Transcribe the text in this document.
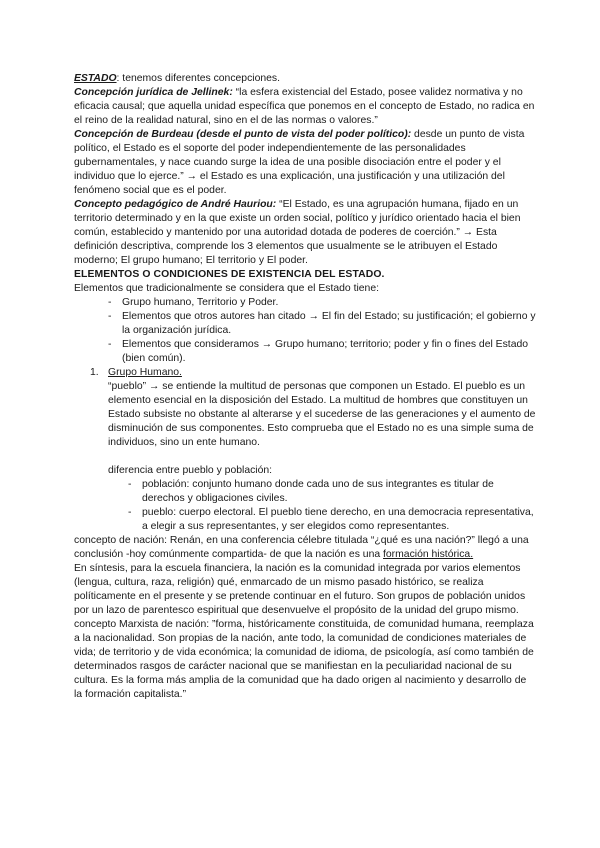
ESTADO: tenemos diferentes concepciones.

Concepción jurídica de Jellinek: “la esfera existencial del Estado, posee validez normativa y no eficacia causal; que aquella unidad específica que ponemos en el concepto de Estado, no radica en el reino de la realidad natural, sino en el de las normas o valores.”

Concepción de Burdeau (desde el punto de vista del poder político): desde un punto de vista político, el Estado es el soporte del poder independientemente de las personalidades gubernamentales, y nace cuando surge la idea de una posible disociación entre el poder y el individuo que lo ejerce.” → el Estado es una explicación, una justificación y una utilización del fenómeno social que es el poder.

Concepto pedagógico de André Hauriou: “El Estado, es una agrupación humana, fijado en un territorio determinado y en la que existe un orden social, político y jurídico orientado hacia el bien común, establecido y mantenido por una autoridad dotada de poderes de coerción.” → Esta definición descriptiva, comprende los 3 elementos que usualmente se le atribuyen el Estado moderno; El grupo humano; El territorio y El poder.

ELEMENTOS O CONDICIONES DE EXISTENCIA DEL ESTADO.

Elementos que tradicionalmente se considera que el Estado tiene:

- Grupo humano, Territorio y Poder.
- Elementos que otros autores han citado → El fin del Estado; su justificación; el gobierno y la organización jurídica.
- Elementos que consideramos → Grupo humano; territorio; poder y fin o fines del Estado (bien común).
1. Grupo Humano.

“pueblo” → se entiende la multitud de personas que componen un Estado. El pueblo es un elemento esencial en la disposición del Estado. La multitud de hombres que constituyen un Estado subsiste no obstante al alterarse y el sucederse de las generaciones y el aumento de disminución de sus componentes. Esto comprueba que el Estado no es una simple suma de individuos, sino un ente humano.

diferencia entre pueblo y población:

- población: conjunto humano donde cada uno de sus integrantes es titular de derechos y obligaciones civiles.
- pueblo: cuerpo electoral. El pueblo tiene derecho, en una democracia representativa, a elegir a sus representantes, y ser elegidos como representantes.

concepto de nación: Renán, en una conferencia célebre titulada “¿qué es una nación?” llegó a una conclusión -hoy comúnmente compartida- de que la nación es una formación histórica.

En síntesis, para la escuela financiera, la nación es la comunidad integrada por varios elementos (lengua, cultura, raza, religión) qué, enmarcado de un mismo pasado histórico, se realiza políticamente en el presente y se pretende continuar en el futuro. Son grupos de población unidos por un lazo de parentesco espiritual que desenvuelve el propósito de la unidad del grupo mismo.

concepto Marxista de nación: ”forma, históricamente constituida, de comunidad humana, reemplaza a la nacionalidad. Son propias de la nación, ante todo, la comunidad de condiciones materiales de vida; de territorio y de vida económica; la comunidad de idioma, de psicología, así como también de determinados rasgos de carácter nacional que se manifiestan en la peculiaridad nacional de su cultura. Es la forma más amplia de la comunidad que ha dado origen al nacimiento y desarrollo de la formación capitalista.”
